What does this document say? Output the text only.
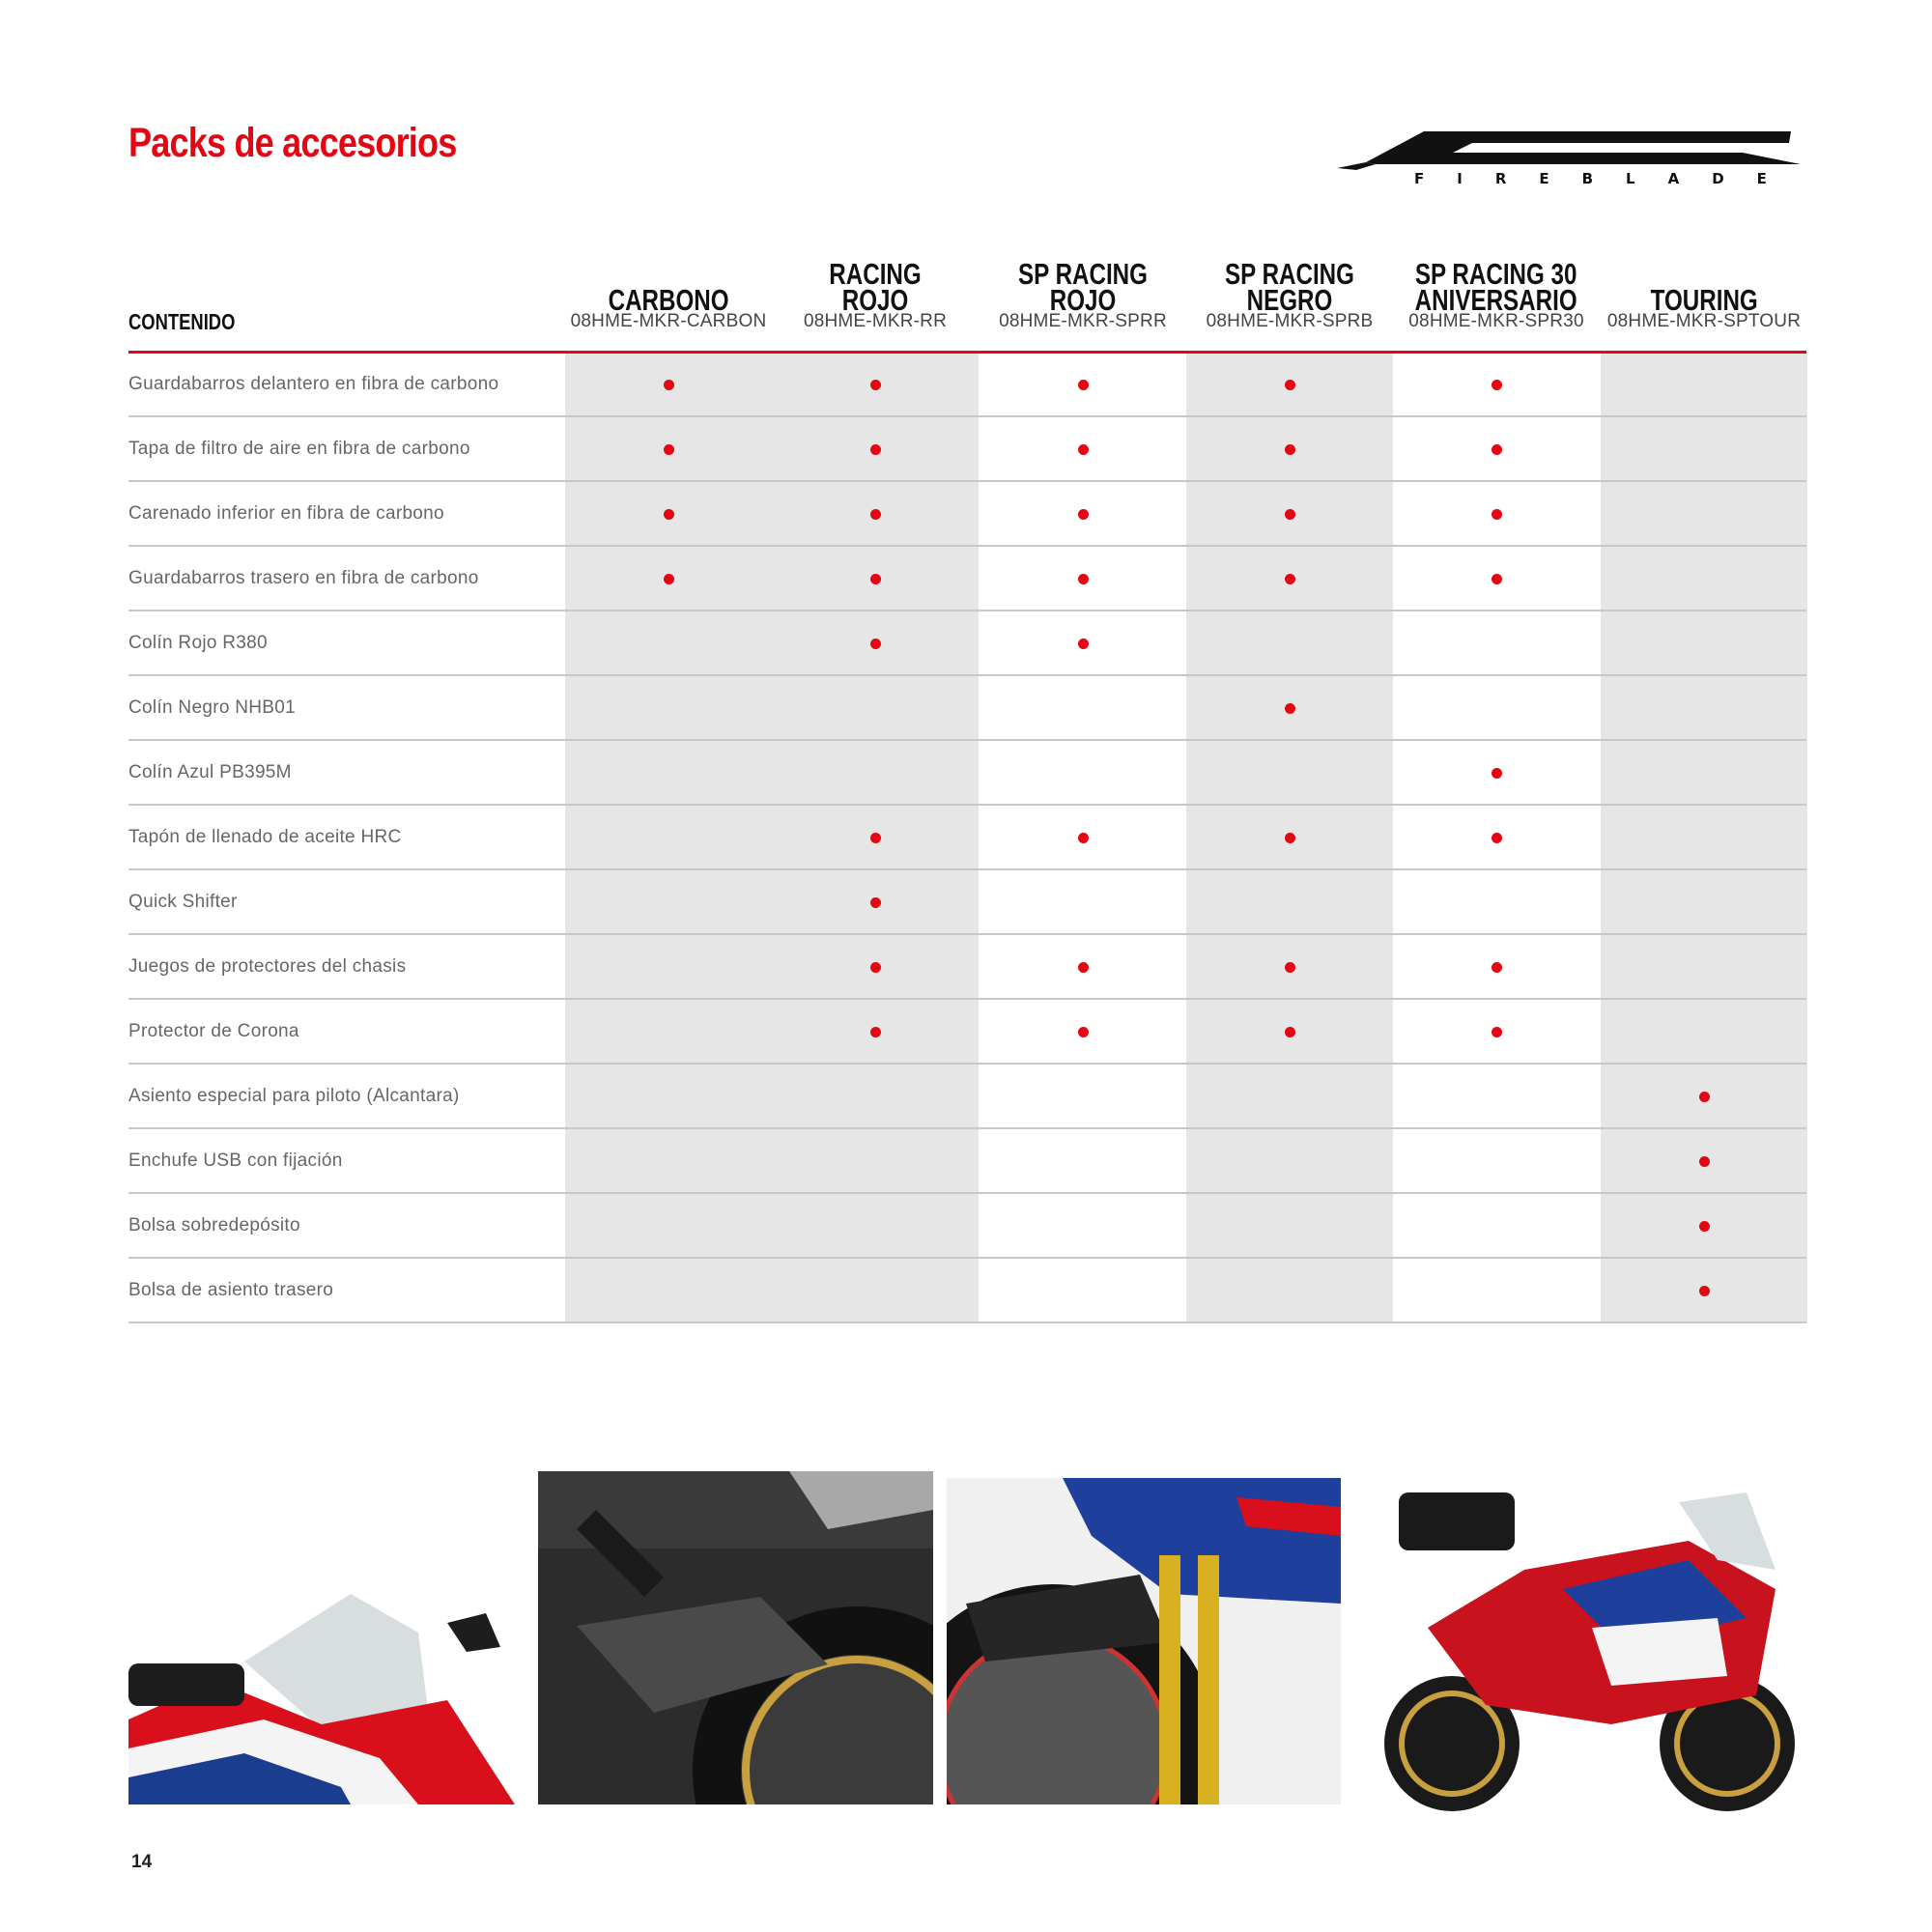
Packs de accesorios
FIREBLADE
CONTENIDO
CARBONO
08HME-MKR-CARBON
RACING ROJO
08HME-MKR-RR
SP RACING ROJO
08HME-MKR-SPRR
SP RACING NEGRO
08HME-MKR-SPRB
SP RACING 30
ANIVERSARIO
08HME-MKR-SPR30
TOURING
08HME-MKR-SPTOUR
Guardabarros delantero en fibra de carbono
Tapa de filtro de aire en fibra de carbono
Carenado inferior en fibra de carbono
Guardabarros trasero en fibra de carbono
Colín Rojo R380
Colín Negro NHB01
Colín Azul PB395M
Tapón de llenado de aceite HRC
Quick Shifter
Juegos de protectores del chasis
Protector de Corona
Asiento especial para piloto (Alcantara)
Enchufe USB con fijación
Bolsa sobredepósito
Bolsa de asiento trasero
14
